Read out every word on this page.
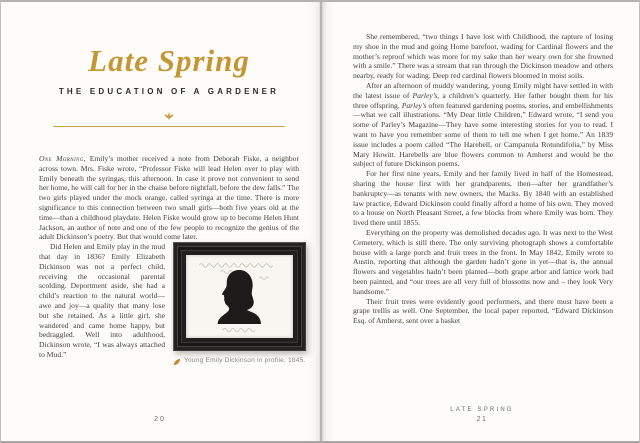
Late Spring
THE EDUCATION OF A GARDENER

One Morning, Emily’s mother received a note from Deborah Fiske, a neighbor across town. Mrs. Fiske wrote, “Professor Fiske will lead Helen over to play with Emily beneath the syringas, this afternoon. In case it prove not convenient to send her home, he will call for her in the chaise before nightfall, before the dew falls.” The two girls played under the mock orange, called syringa at the time. There is more significance to this connection between two small girls—both five years old at the time—than a childhood playdate. Helen Fiske would grow up to become Helen Hunt Jackson, an author of note and one of the few people to recognize the genius of the adult Dickinson’s poetry. But that would come later.

Did Helen and Emily play in the mud that day in 1836? Emily Elizabeth Dickinson was not a perfect child, receiving the occasional parental scolding. Deportment aside, she had a child’s reaction to the natural world—awe and joy—a quality that many lose but she retained. As a little girl, she wandered and came home happy, but bedraggled. Well into adulthood, Dickinson wrote, “I was always attached to Mud.”

Young Emily Dickinson in profile, 1845.
20

She remembered, “two things I have lost with Childhood, the rapture of losing my shoe in the mud and going Home barefoot, wading for Cardinal flowers and the mother’s reproof which was more for my sake than her weary own for she frowned with a smile.” There was a stream that ran through the Dickinson meadow and others nearby, ready for wading. Deep red cardinal flowers bloomed in moist soils.

After an afternoon of muddy wandering, young Emily might have settled in with the latest issue of Parley’s, a children’s quarterly. Her father bought them for his three offspring. Parley’s often featured gardening poems, stories, and embellishments—what we call illustrations. “My Dear little Children,” Edward wrote, “I send you some of Parley’s Magazine—They have some interesting stories for you to read. I want to have you remember some of them to tell me when I get home.” An 1839 issue includes a poem called “The Harebell, or Campanula Rotundifolia,” by Miss Mary Howitt. Harebells are blue flowers common to Amherst and would be the subject of future Dickinson poems.

For her first nine years, Emily and her family lived in half of the Homestead, sharing the house first with her grandparents, then—after her grandfather’s bankruptcy—as tenants with new owners, the Macks. By 1840 with an established law practice, Edward Dickinson could finally afford a home of his own. They moved to a house on North Pleasant Street, a few blocks from where Emily was born. They lived there until 1855.

Everything on the property was demolished decades ago. It was next to the West Cemetery, which is still there. The only surviving photograph shows a comfortable house with a large porch and fruit trees in the front. In May 1842, Emily wrote to Austin, reporting that although the garden hadn’t gone in yet—that is, the annual flowers and vegetables hadn’t been planted—both grape arbor and lattice work had been painted, and “our trees are all very full of blossoms now and – they look Very handsome.”

Their fruit trees were evidently good performers, and there must have been a grape trellis as well. One September, the local paper reported, “Edward Dickinson Esq. of Amherst, sent over a basket

LATE SPRING
21
